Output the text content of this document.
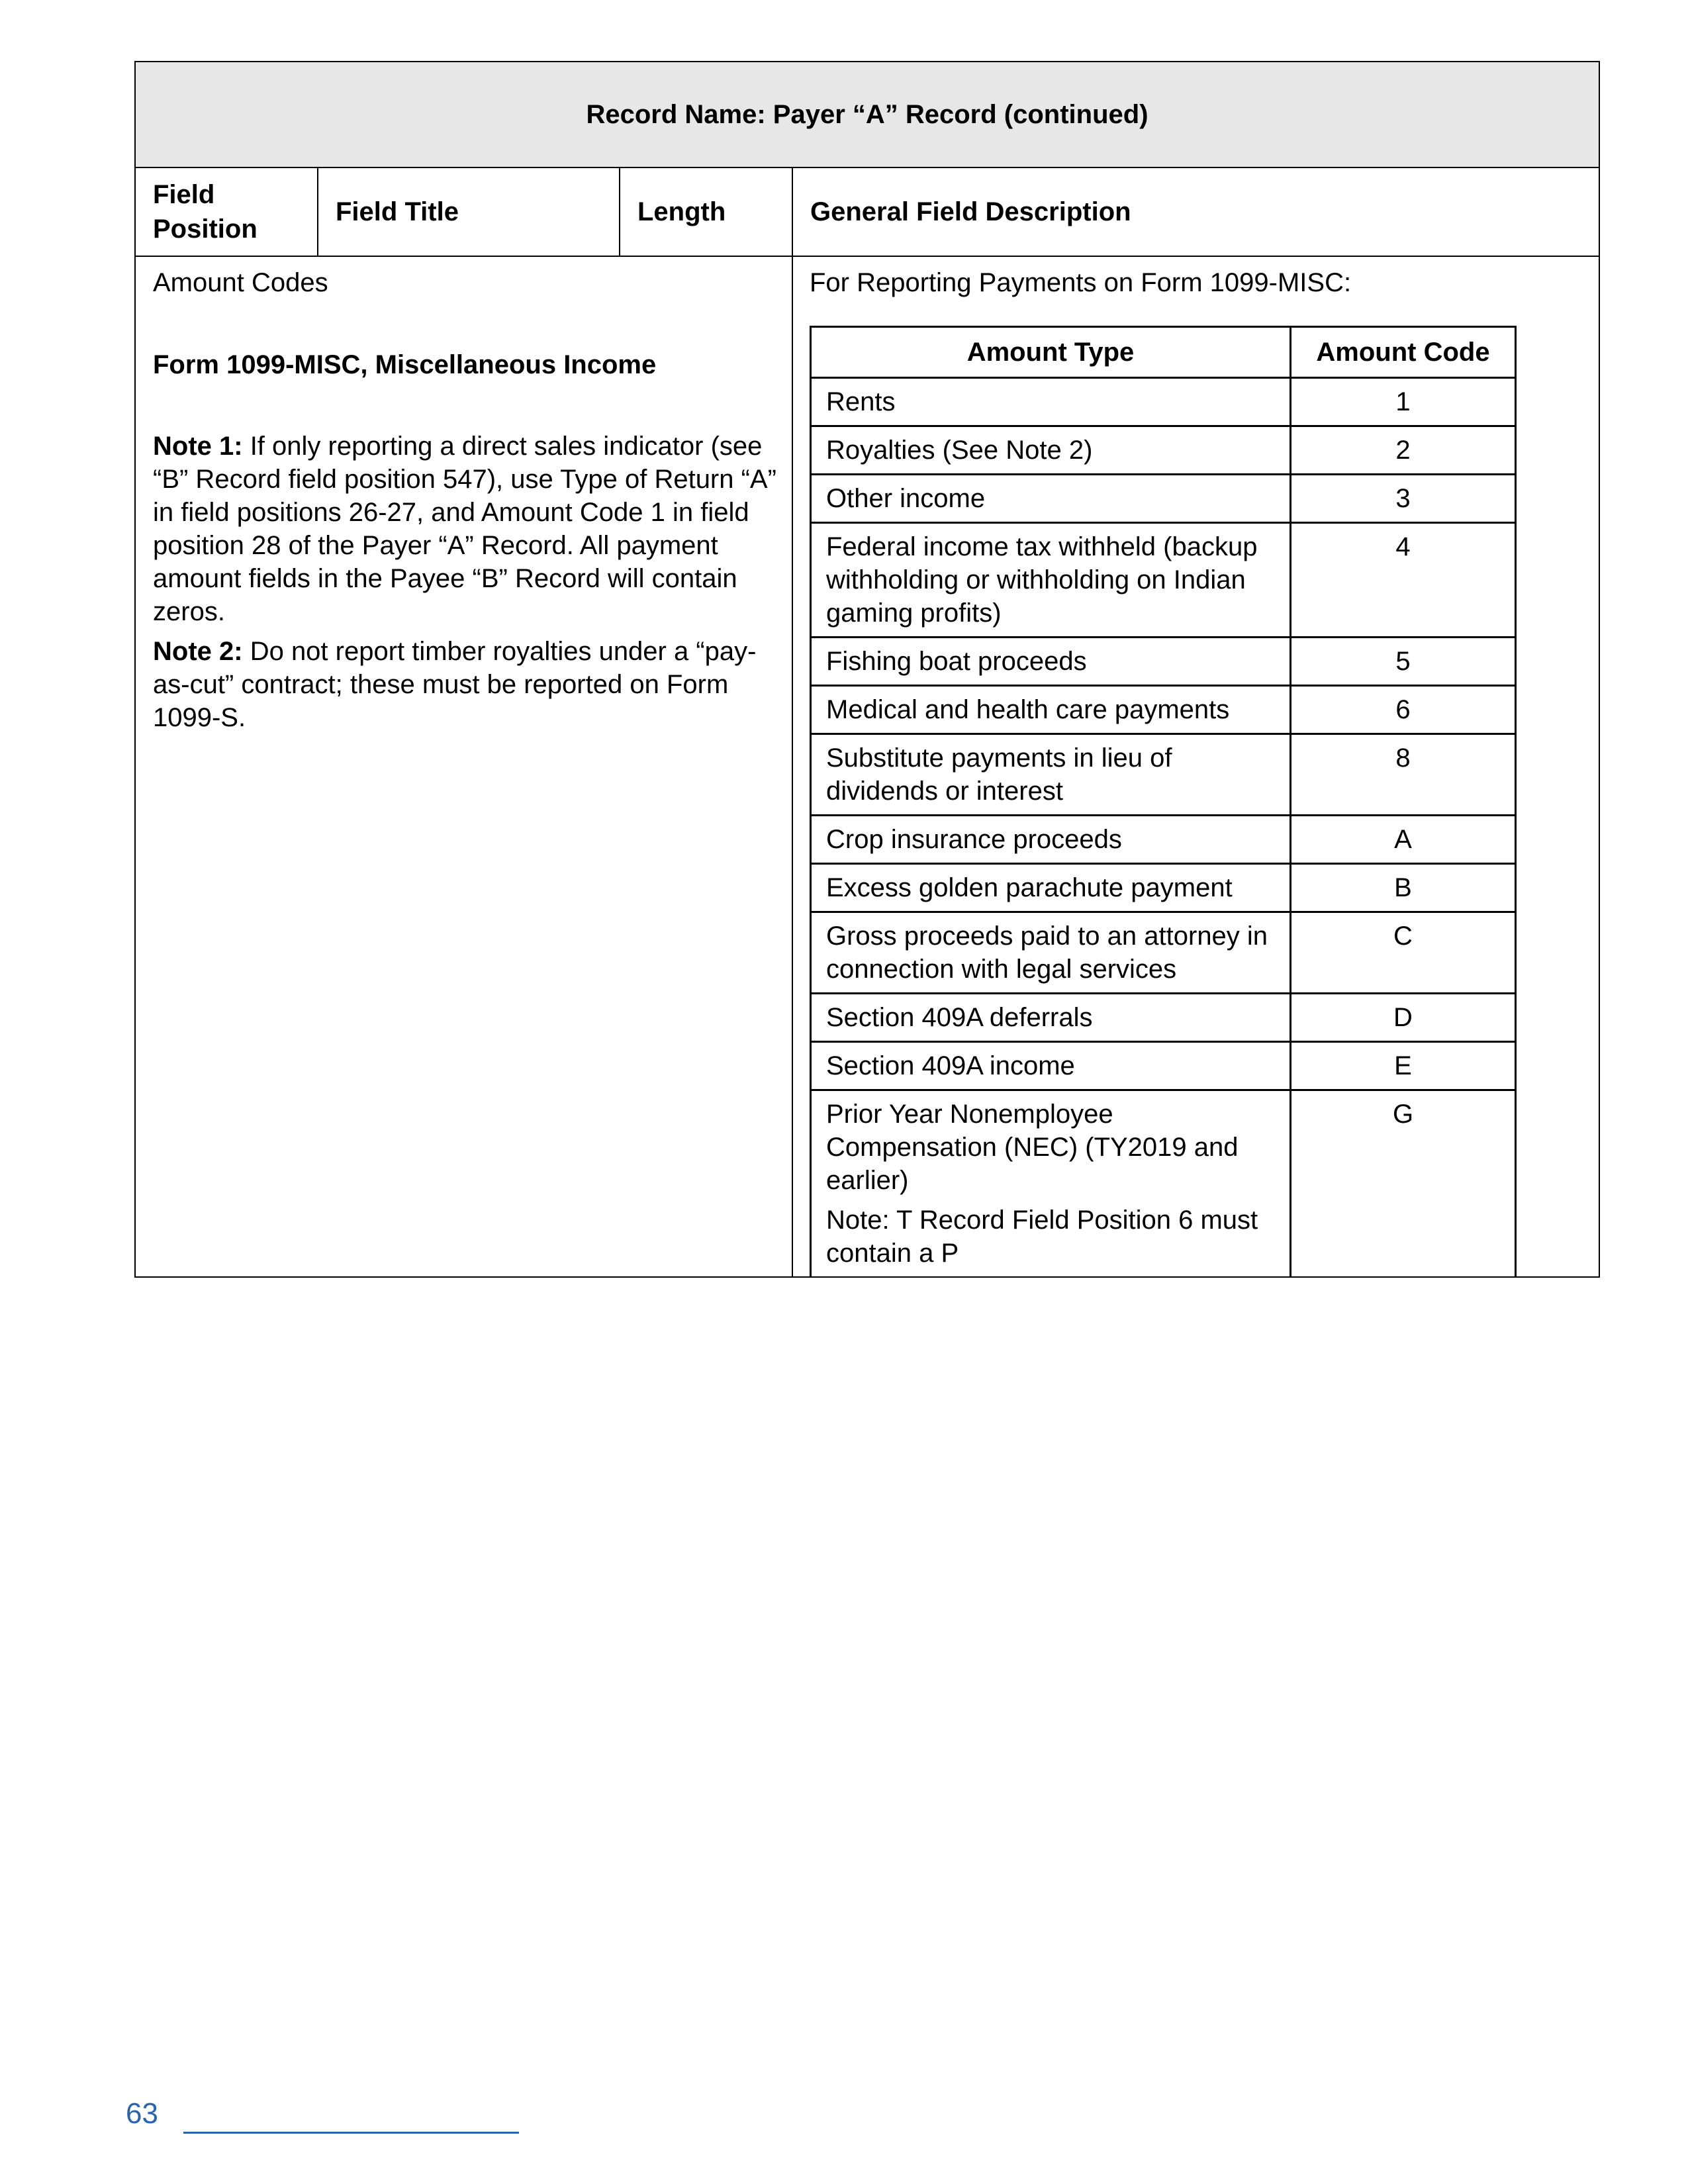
Record Name: Payer “A” Record (continued)
Field
Position
Field Title	Length	General Field Description

Amount Codes

Form 1099-MISC, Miscellaneous Income

Note 1: If only reporting a direct sales indicator (see “B” Record field position 547), use Type of Return “A” in field positions 26-27, and Amount Code 1 in field position 28 of the Payer “A” Record. All payment amount fields in the Payee “B” Record will contain zeros.

Note 2: Do not report timber royalties under a “pay-as-cut” contract; these must be reported on Form 1099-S.

For Reporting Payments on Form 1099-MISC:

Amount Type	Amount Code
Rents	1
Royalties (See Note 2)	2
Other income	3
Federal income tax withheld (backup withholding or withholding on Indian gaming profits)	4
Fishing boat proceeds	5
Medical and health care payments	6
Substitute payments in lieu of dividends or interest	8
Crop insurance proceeds	A
Excess golden parachute payment	B
Gross proceeds paid to an attorney in connection with legal services	C
Section 409A deferrals	D
Section 409A income	E
Prior Year Nonemployee Compensation (NEC) (TY2019 and earlier)
Note: T Record Field Position 6 must contain a P	G
63
